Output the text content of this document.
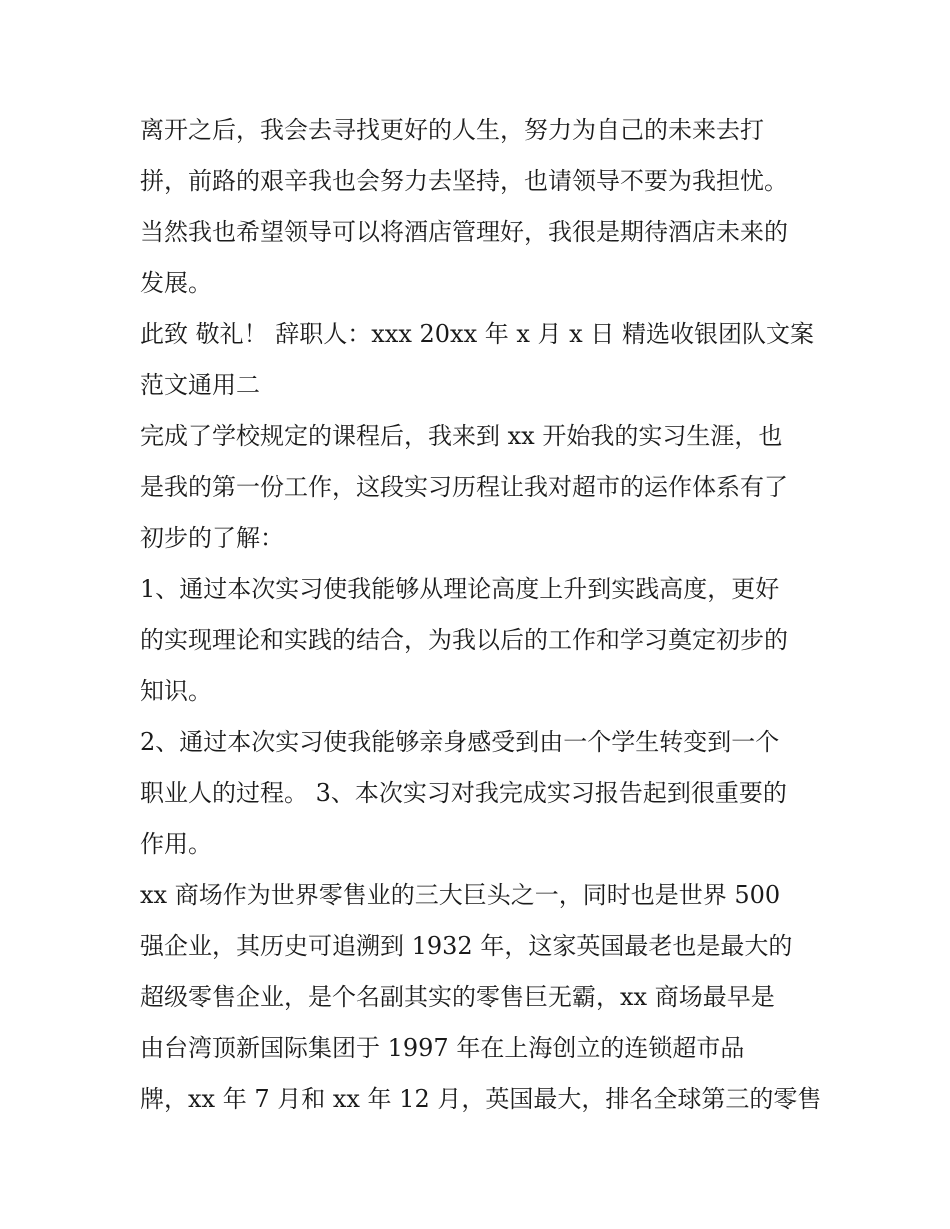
离开之后，我会去寻找更好的人生，努力为自己的未来去打
拼，前路的艰辛我也会努力去坚持，也请领导不要为我担忧。
当然我也希望领导可以将酒店管理好，我很是期待酒店未来的
发展。
此致 敬礼！ 辞职人：xxx 20xx 年 x 月 x 日 精选收银团队文案
范文通用二
完成了学校规定的课程后，我来到 xx 开始我的实习生涯，也
是我的第一份工作，这段实习历程让我对超市的运作体系有了
初步的了解：
1、通过本次实习使我能够从理论高度上升到实践高度，更好
的实现理论和实践的结合，为我以后的工作和学习奠定初步的
知识。
2、通过本次实习使我能够亲身感受到由一个学生转变到一个
职业人的过程。 3、本次实习对我完成实习报告起到很重要的
作用。
xx 商场作为世界零售业的三大巨头之一，同时也是世界 500
强企业，其历史可追溯到 1932 年，这家英国最老也是最大的
超级零售企业，是个名副其实的零售巨无霸，xx 商场最早是
由台湾顶新国际集团于 1997 年在上海创立的连锁超市品
牌，xx 年 7 月和 xx 年 12 月，英国最大，排名全球第三的零售
